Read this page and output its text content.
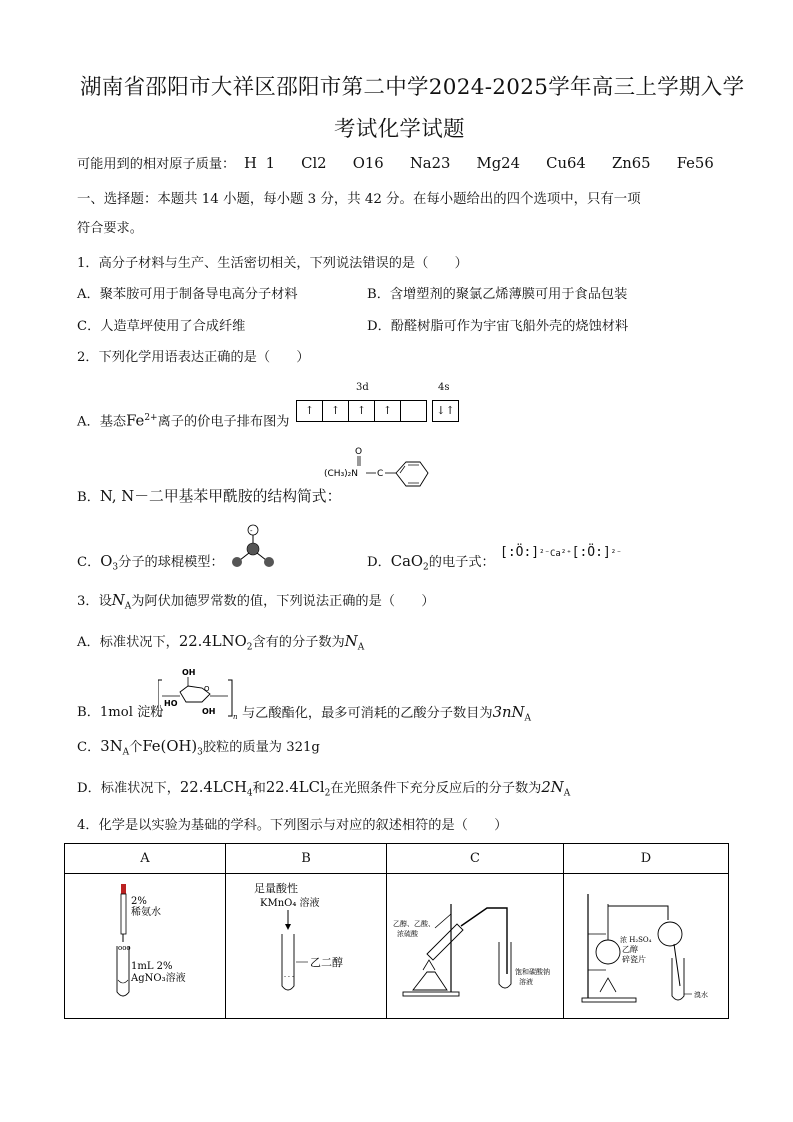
湖南省邵阳市大祥区邵阳市第二中学2024-2025学年高三上学期入学
考试化学试题
可能用到的相对原子质量： H 1 Cl2 O16 Na23 Mg24 Cu64 Zn65 Fe56
一、选择题：本题共 14 小题，每小题 3 分，共 42 分。在每小题给出的四个选项中，只有一项
符合要求。
1．高分子材料与生产、生活密切相关，下列说法错误的是（　　）
A．聚苯胺可用于制备导电高分子材料	B．含增塑剂的聚氯乙烯薄膜可用于食品包装
C．人造草坪使用了合成纤维	D．酚醛树脂可作为宇宙飞船外壳的烧蚀材料
2．下列化学用语表达正确的是（　　）
A．基态$Fe^{2+}$离子的价电子排布图为
3d	4s
↑	↑	↑	↑	↓↑
B．N, N－二甲基苯甲酰胺的结构简式：
O
(CH₃)₂N C
C．$O_3$分子的球棍模型：
-
D．CaO$_2$的电子式：
[:Ö:]²⁻Ca²⁺[:Ö:]²⁻
3．设$N_A$为阿伏加德罗常数的值，下列说法正确的是（　　）
A．标准状况下，$22.4LNO_2$含有的分子数为$N_A$
B．1mol 淀粉
OH
O
HO
OH
n 与乙酸酯化，最多可消耗的乙酸分子数目为$3nN_A$
C．$3N_A$个$Fe(OH)_3$胶粒的质量为 321g
D．标准状况下，$22.4LCH_4$和22.4LCl$_2$在光照条件下充分反应后的分子数为$2N_A$
4．化学是以实验为基础的学科。下列图示与对应的叙述相符的是（　　）
A	B	C	D

2%
稀氨水
ooo
1mL 2%
AgNO₃溶液	足量酸性
KMnO₄ 溶液
- - -
乙二醇	乙醇、乙酸、
浓硫酸
饱和碳酸钠
溶液	浓 H₂SO₄
乙醇
碎瓷片
溴水
